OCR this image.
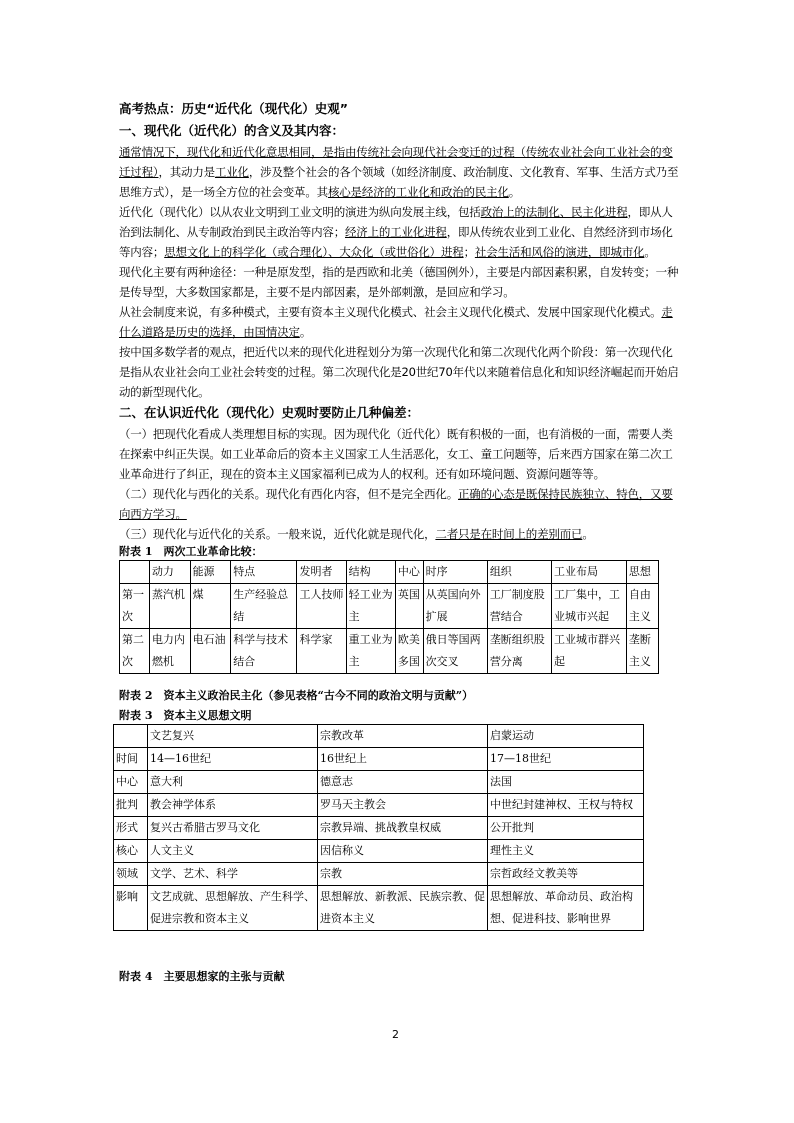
高考热点：历史“近代化（现代化）史观”
一、现代化（近代化）的含义及其内容：
通常情况下，现代化和近代化意思相同，是指由传统社会向现代社会变迁的过程（传统农业社会向工业社会的变迁过程），其动力是工业化，涉及整个社会的各个领域（如经济制度、政治制度、文化教育、军事、生活方式乃至思维方式），是一场全方位的社会变革。其核心是经济的工业化和政治的民主化。
近代化（现代化）以从农业文明到工业文明的演进为纵向发展主线，包括政治上的法制化、民主化进程，即从人治到法制化、从专制政治到民主政治等内容；经济上的工业化进程，即从传统农业到工业化、自然经济到市场化等内容；思想文化上的科学化（或合理化）、大众化（或世俗化）进程；社会生活和风俗的演进，即城市化。
现代化主要有两种途径：一种是原发型，指的是西欧和北美（德国例外），主要是内部因素积累，自发转变；一种是传导型，大多数国家都是，主要不是内部因素，是外部刺激，是回应和学习。
从社会制度来说，有多种模式，主要有资本主义现代化模式、社会主义现代化模式、发展中国家现代化模式。走什么道路是历史的选择，由国情决定。
按中国多数学者的观点，把近代以来的现代化进程划分为第一次现代化和第二次现代化两个阶段：第一次现代化是指从农业社会向工业社会转变的过程。第二次现代化是20世纪70年代以来随着信息化和知识经济崛起而开始启动的新型现代化。
二、在认识近代化（现代化）史观时要防止几种偏差：
（一）把现代化看成人类理想目标的实现。因为现代化（近代化）既有积极的一面，也有消极的一面，需要人类在探索中纠正失误。如工业革命后的资本主义国家工人生活恶化，女工、童工问题等，后来西方国家在第二次工业革命进行了纠正，现在的资本主义国家福利已成为人的权利。还有如环境问题、资源问题等等。
（二）现代化与西化的关系。现代化有西化内容，但不是完全西化。正确的心态是既保持民族独立、特色，又要向西方学习。
（三）现代化与近代化的关系。一般来说，近代化就是现代化，二者只是在时间上的差别而已。
附表 1　两次工业革命比较：
	动力	能源	特点	发明者	结构	中心	时序	组织	工业布局	思想
第一次	蒸汽机	煤	生产经验总结	工人技师	轻工业为主	英国	从英国向外扩展	工厂制度股营结合	工厂集中，工业城市兴起	自由主义
第二次	电力内燃机	电石油	科学与技术结合	科学家	重工业为主	欧美多国	俄日等国两次交叉	垄断组织股营分离	工业城市群兴起	垄断主义
附表 2　资本主义政治民主化（参见表格“古今不同的政治文明与贡献”）
附表 3　资本主义思想文明
	文艺复兴	宗教改革	启蒙运动
时间	14—16世纪	16世纪上	17—18世纪
中心	意大利	德意志	法国
批判	教会神学体系	罗马天主教会	中世纪封建神权、王权与特权
形式	复兴古希腊古罗马文化	宗教异端、挑战教皇权威	公开批判
核心	人文主义	因信称义	理性主义
领域	文学、艺术、科学	宗教	宗哲政经文教美等
影响	文艺成就、思想解放、产生科学、促进宗教和资本主义	思想解放、新教派、民族宗教、促进资本主义	思想解放、革命动员、政治构想、促进科技、影响世界
附表 4　主要思想家的主张与贡献
2
